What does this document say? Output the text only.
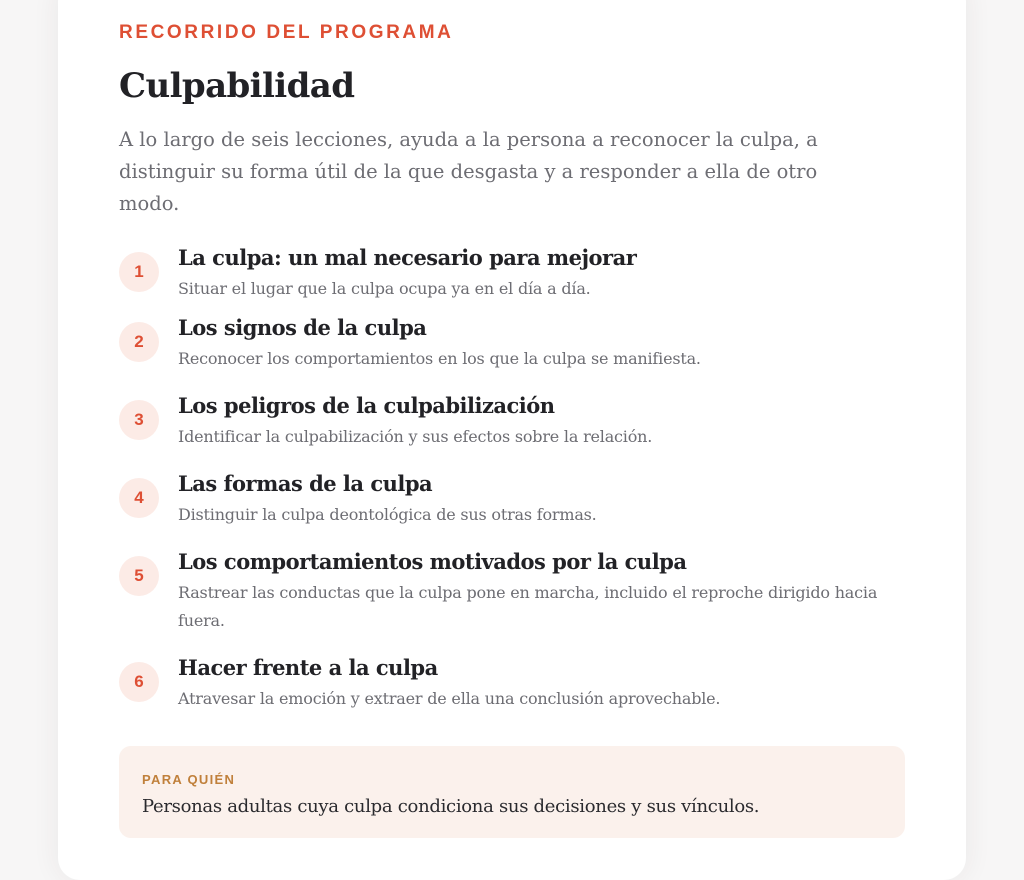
RECORRIDO DEL PROGRAMA
Culpabilidad

A lo largo de seis lecciones, ayuda a la persona a reconocer la culpa, a distinguir su forma útil de la que desgasta y a responder a ella de otro modo.

1
La culpa: un mal necesario para mejorar
Situar el lugar que la culpa ocupa ya en el día a día.
2
Los signos de la culpa
Reconocer los comportamientos en los que la culpa se manifiesta.
3
Los peligros de la culpabilización
Identificar la culpabilización y sus efectos sobre la relación.
4
Las formas de la culpa
Distinguir la culpa deontológica de sus otras formas.
5
Los comportamientos motivados por la culpa
Rastrear las conductas que la culpa pone en marcha, incluido el reproche dirigido hacia fuera.
6
Hacer frente a la culpa
Atravesar la emoción y extraer de ella una conclusión aprovechable.
PARA QUIÉN
Personas adultas cuya culpa condiciona sus decisiones y sus vínculos.
